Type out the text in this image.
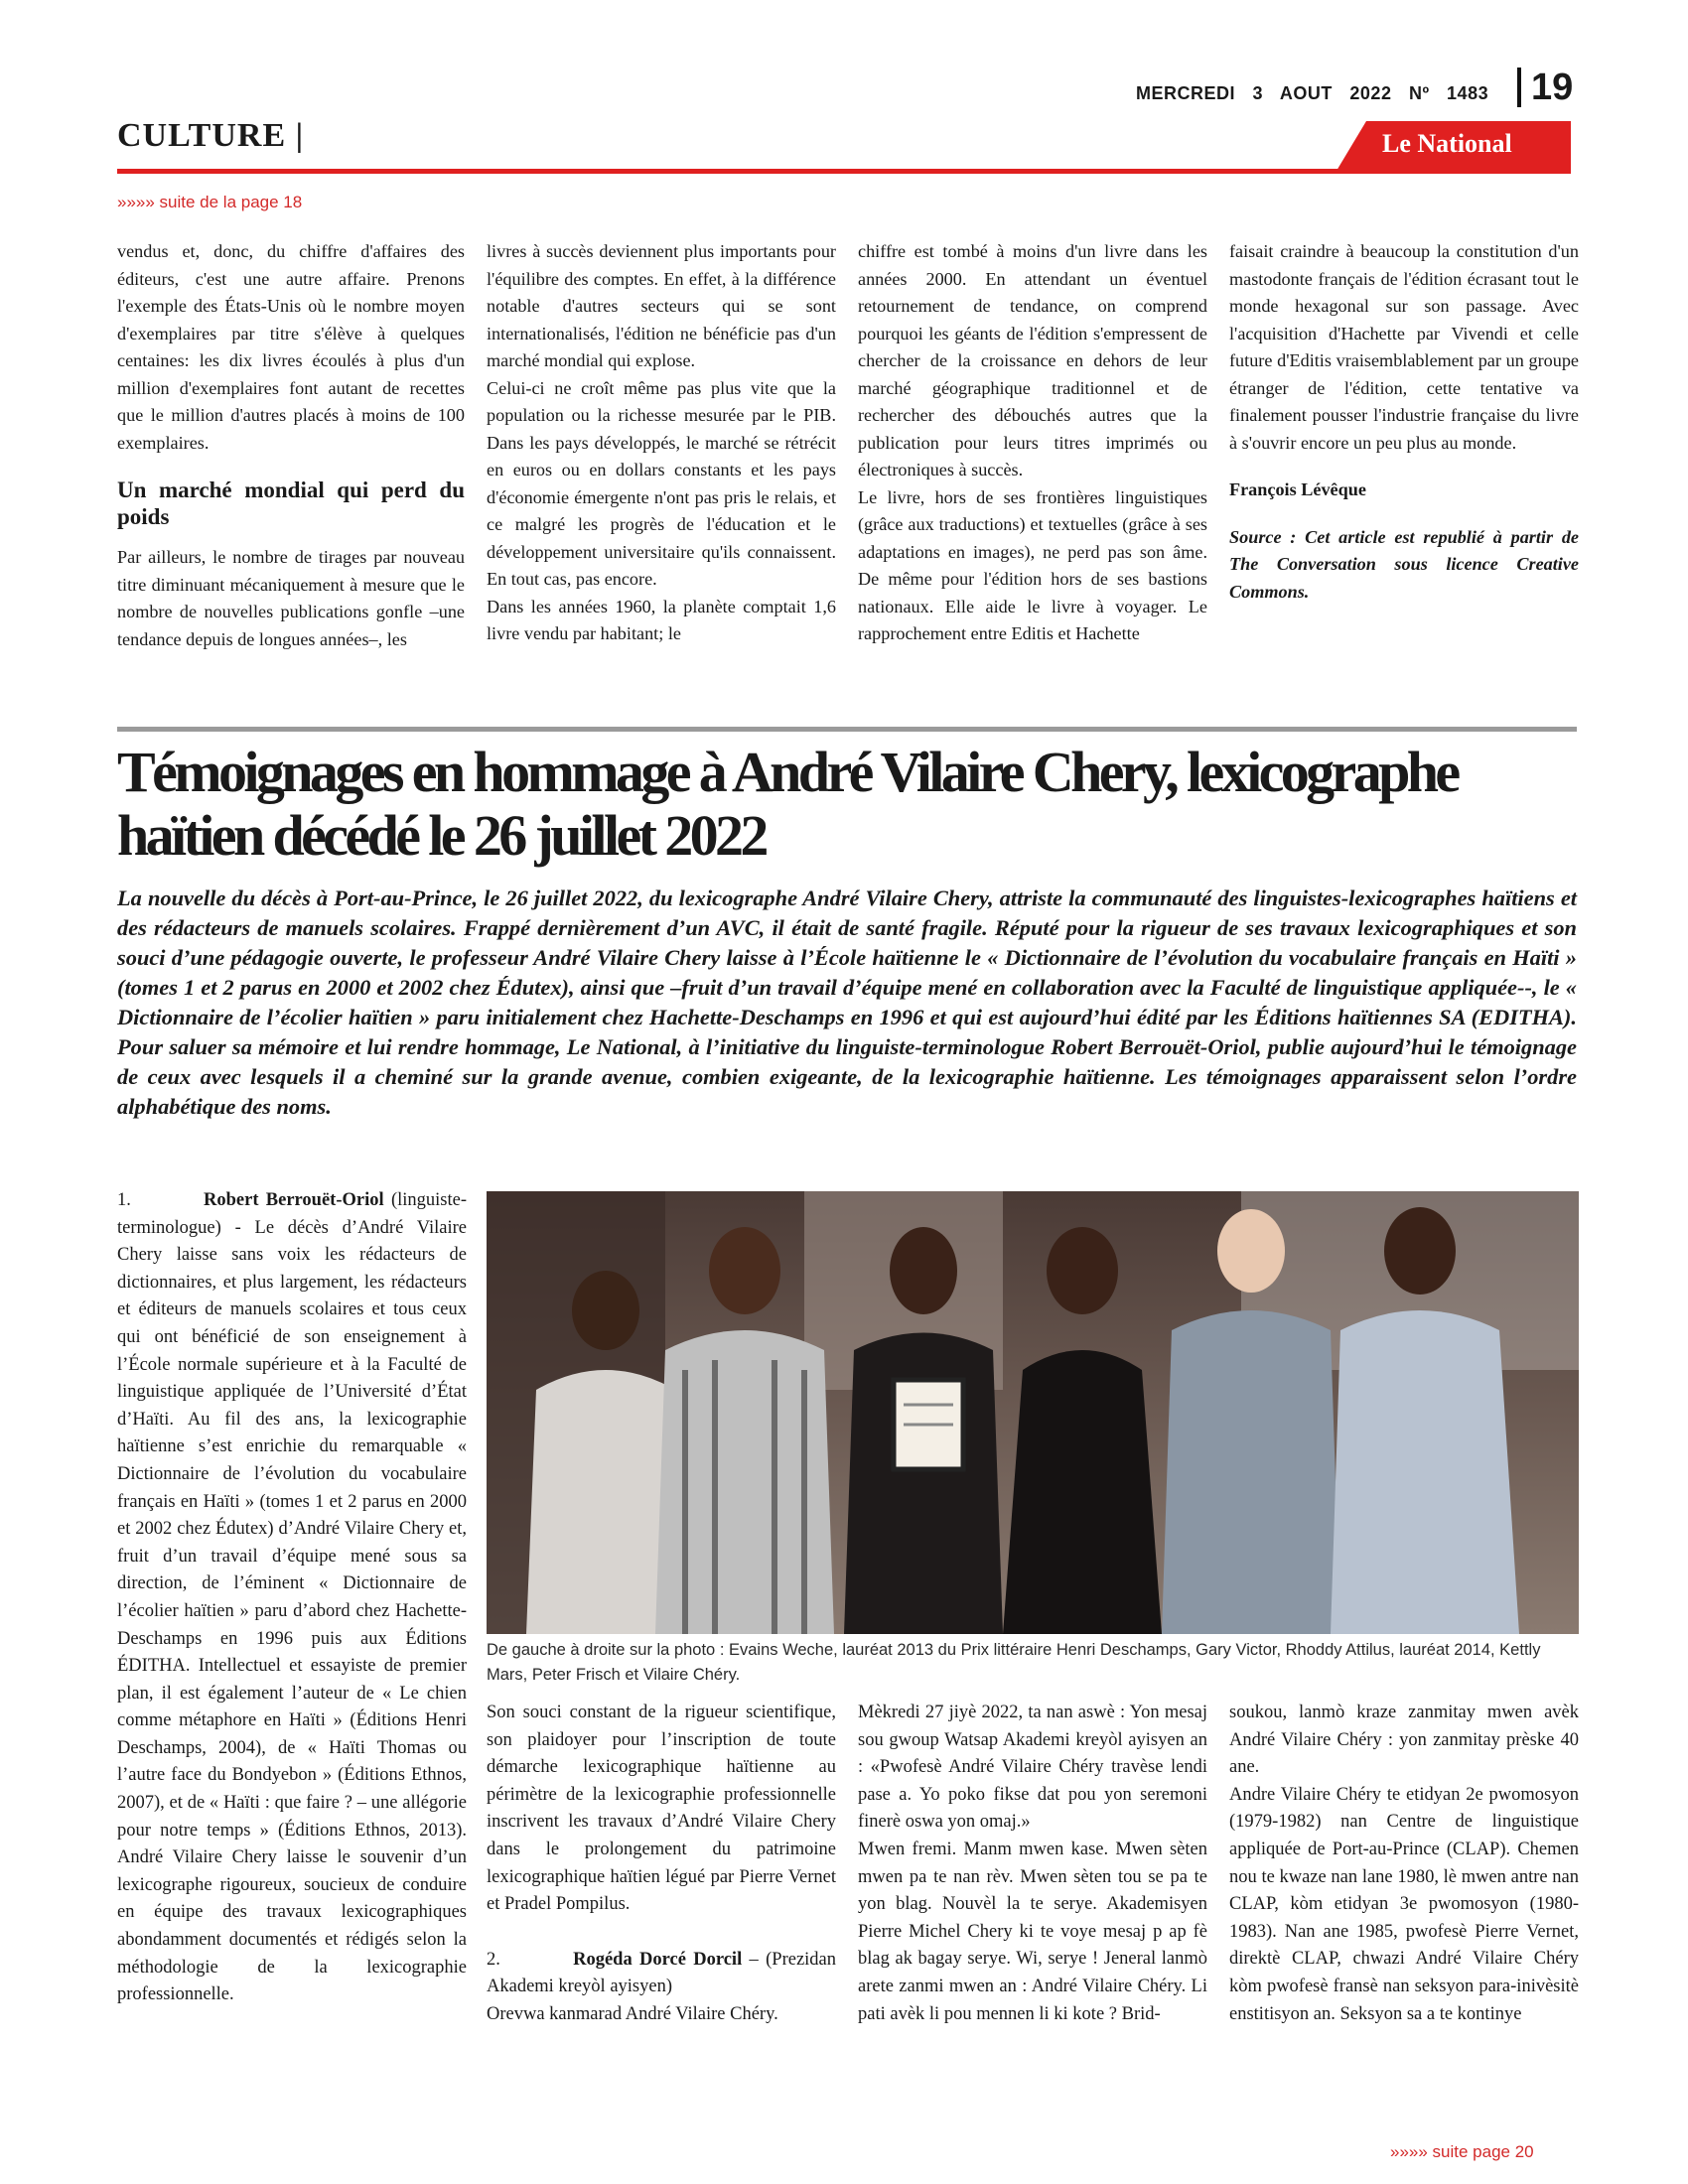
MERCREDI 3 AOUT 2022 Nº 1483	19
CULTURE |	Le National
»»»» suite de la page 18

vendus et, donc, du chiffre d'affaires des éditeurs, c'est une autre affaire. Prenons l'exemple des États-Unis où le nombre moyen d'exemplaires par titre s'élève à quelques centaines: les dix livres écoulés à plus d'un million d'exemplaires font autant de recettes que le million d'autres placés à moins de 100 exemplaires.

Un marché mondial qui perd du poids

Par ailleurs, le nombre de tirages par nouveau titre diminuant mécaniquement à mesure que le nombre de nouvelles publications gonfle –une tendance depuis de longues années–, les

livres à succès deviennent plus importants pour l'équilibre des comptes. En effet, à la différence notable d'autres secteurs qui se sont internationalisés, l'édition ne bénéficie pas d'un marché mondial qui explose.

Celui-ci ne croît même pas plus vite que la population ou la richesse mesurée par le PIB. Dans les pays développés, le marché se rétrécit en euros ou en dollars constants et les pays d'économie émergente n'ont pas pris le relais, et ce malgré les progrès de l'éducation et le développement universitaire qu'ils connaissent. En tout cas, pas encore.

Dans les années 1960, la planète comptait 1,6 livre vendu par habitant; le

chiffre est tombé à moins d'un livre dans les années 2000. En attendant un éventuel retournement de tendance, on comprend pourquoi les géants de l'édition s'empressent de chercher de la croissance en dehors de leur marché géographique traditionnel et de rechercher des débouchés autres que la publication pour leurs titres imprimés ou électroniques à succès.

Le livre, hors de ses frontières linguistiques (grâce aux traductions) et textuelles (grâce à ses adaptations en images), ne perd pas son âme. De même pour l'édition hors de ses bastions nationaux. Elle aide le livre à voyager. Le rapprochement entre Editis et Hachette

faisait craindre à beaucoup la constitution d'un mastodonte français de l'édition écrasant tout le monde hexagonal sur son passage. Avec l'acquisition d'Hachette par Vivendi et celle future d'Editis vraisemblablement par un groupe étranger de l'édition, cette tentative va finalement pousser l'industrie française du livre à s'ouvrir encore un peu plus au monde.

François Lévêque

Source : Cet article est republié à partir de The Conversation sous licence Creative Commons.

Témoignages en hommage à André Vilaire Chery, lexicographe haïtien décédé le 26 juillet 2022
La nouvelle du décès à Port-au-Prince, le 26 juillet 2022, du lexicographe André Vilaire Chery, attriste la communauté des linguistes-lexicographes haïtiens et des rédacteurs de manuels scolaires. Frappé dernièrement d’un AVC, il était de santé fragile. Réputé pour la rigueur de ses travaux lexicographiques et son souci d’une pédagogie ouverte, le professeur André Vilaire Chery laisse à l’École haïtienne le « Dictionnaire de l’évolution du vocabulaire français en Haïti » (tomes 1 et 2 parus en 2000 et 2002 chez Édutex), ainsi que –fruit d’un travail d’équipe mené en collaboration avec la Faculté de linguistique appliquée--, le « Dictionnaire de l’écolier haïtien » paru initialement chez Hachette-Deschamps en 1996 et qui est aujourd’hui édité par les Éditions haïtiennes SA (EDITHA). Pour saluer sa mémoire et lui rendre hommage, Le National, à l’initiative du linguiste-terminologue Robert Berrouët-Oriol, publie aujourd’hui le témoignage de ceux avec lesquels il a cheminé sur la grande avenue, combien exigeante, de la lexicographie haïtienne. Les témoignages apparaissent selon l’ordre alphabétique des noms.

1.	Robert Berrouët-Oriol (linguiste-terminologue) - Le décès d’André Vilaire Chery laisse sans voix les rédacteurs de dictionnaires, et plus largement, les rédacteurs et éditeurs de manuels scolaires et tous ceux qui ont bénéficié de son enseignement à l’École normale supérieure et à la Faculté de linguistique appliquée de l’Université d’État d’Haïti. Au fil des ans, la lexicographie haïtienne s’est enrichie du remarquable « Dictionnaire de l’évolution du vocabulaire français en Haïti » (tomes 1 et 2 parus en 2000 et 2002 chez Édutex) d’André Vilaire Chery et, fruit d’un travail d’équipe mené sous sa direction, de l’éminent « Dictionnaire de l’écolier haïtien » paru d’abord chez Hachette-Deschamps en 1996 puis aux Éditions ÉDITHA. Intellectuel et essayiste de premier plan, il est également l’auteur de « Le chien comme métaphore en Haïti » (Éditions Henri Deschamps, 2004), de « Haïti Thomas ou l’autre face du Bondyebon » (Éditions Ethnos, 2007), et de « Haïti : que faire ? – une allégorie pour notre temps » (Éditions Ethnos, 2013). André Vilaire Chery laisse le souvenir d’un lexicographe rigoureux, soucieux de conduire en équipe des travaux lexicographiques abondamment documentés et rédigés selon la méthodologie de la lexicographie professionnelle.

De gauche à droite sur la photo : Evains Weche, lauréat 2013 du Prix littéraire Henri Deschamps, Gary Victor, Rhoddy Attilus, lauréat 2014, Kettly Mars, Peter Frisch et Vilaire Chéry.

Son souci constant de la rigueur scientifique, son plaidoyer pour l’inscription de toute démarche lexicographique haïtienne au périmètre de la lexicographie professionnelle inscrivent les travaux d’André Vilaire Chery dans le prolongement du patrimoine lexicographique haïtien légué par Pierre Vernet et Pradel Pompilus.

2.	Rogéda Dorcé Dorcil – (Prezidan Akademi kreyòl ayisyen)

Orevwa kanmarad André Vilaire Chéry.

Mèkredi 27 jiyè 2022, ta nan aswè : Yon mesaj sou gwoup Watsap Akademi kreyòl ayisyen an : «Pwofesè André Vilaire Chéry travèse lendi pase a. Yo poko fikse dat pou yon seremoni finerè oswa yon omaj.»

Mwen fremi. Manm mwen kase. Mwen sèten mwen pa te nan rèv. Mwen sèten tou se pa te yon blag. Nouvèl la te serye. Akademisyen Pierre Michel Chery ki te voye mesaj p ap fè blag ak bagay serye. Wi, serye ! Jeneral lanmò arete zanmi mwen an : André Vilaire Chéry. Li pati avèk li pou mennen li ki kote ? Brid-

soukou, lanmò kraze zanmitay mwen avèk André Vilaire Chéry : yon zanmitay prèske 40 ane.

Andre Vilaire Chéry te etidyan 2e pwomosyon (1979-1982) nan Centre de linguistique appliquée de Port-au-Prince (CLAP). Chemen nou te kwaze nan lane 1980, lè mwen antre nan CLAP, kòm etidyan 3e pwomosyon (1980-1983). Nan ane 1985, pwofesè Pierre Vernet, direktè CLAP, chwazi André Vilaire Chéry kòm pwofesè fransè nan seksyon para-inivèsitè enstitisyon an. Seksyon sa a te kontinye

»»»» suite page 20
